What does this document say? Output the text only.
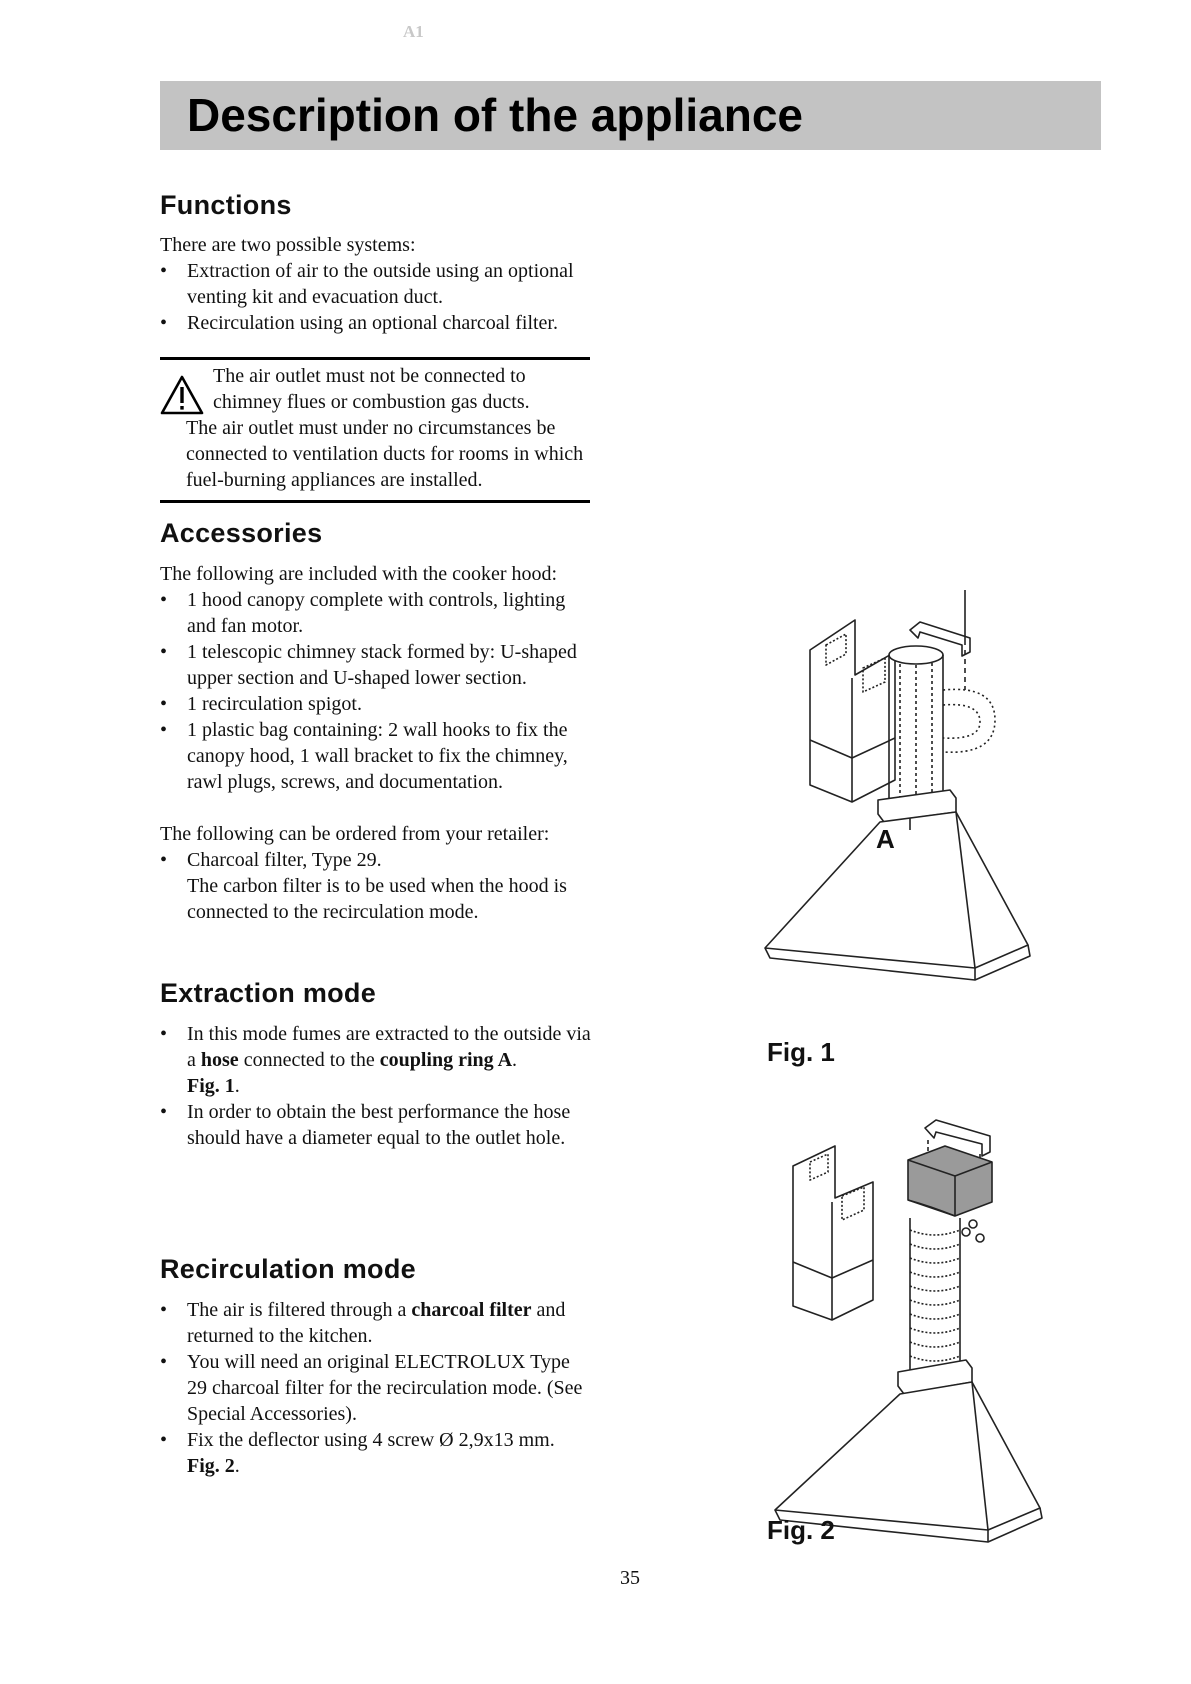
A1
Description of the appliance
Functions

There are two possible systems:

• Extraction of air to the outside using an optional venting kit and evacuation duct.
• Recirculation using an optional charcoal filter.

The air outlet must not be connected to

chimney flues or combustion gas ducts.

The air outlet must under no circumstances be connected to ventilation ducts for rooms in which fuel-burning appliances are installed.

Accessories

The following are included with the cooker hood:

• 1 hood canopy complete with controls, lighting and fan motor.
• 1 telescopic chimney stack formed by: U-shaped upper section and U-shaped lower section.
• 1 recirculation spigot.
• 1 plastic bag containing: 2 wall hooks to fix the canopy hood, 1 wall bracket to fix the chimney, rawl plugs, screws, and documentation.

The following can be ordered from your retailer:

• Charcoal filter, Type 29.
The carbon filter is to be used when the hood is connected to the recirculation mode.
Extraction mode
• In this mode fumes are extracted to the outside via a hose connected to the coupling ring A.
Fig. 1.
• In order to obtain the best performance the hose should have a diameter equal to the outlet hole.
Recirculation mode
• The air is filtered through a charcoal filter and returned to the kitchen.
• You will need an original ELECTROLUX Type 29 charcoal filter for the recirculation mode. (See Special Accessories).
• Fix the deflector using 4 screw Ø 2,9x13 mm.
Fig. 2.
A

Fig. 1

Fig. 2

35
